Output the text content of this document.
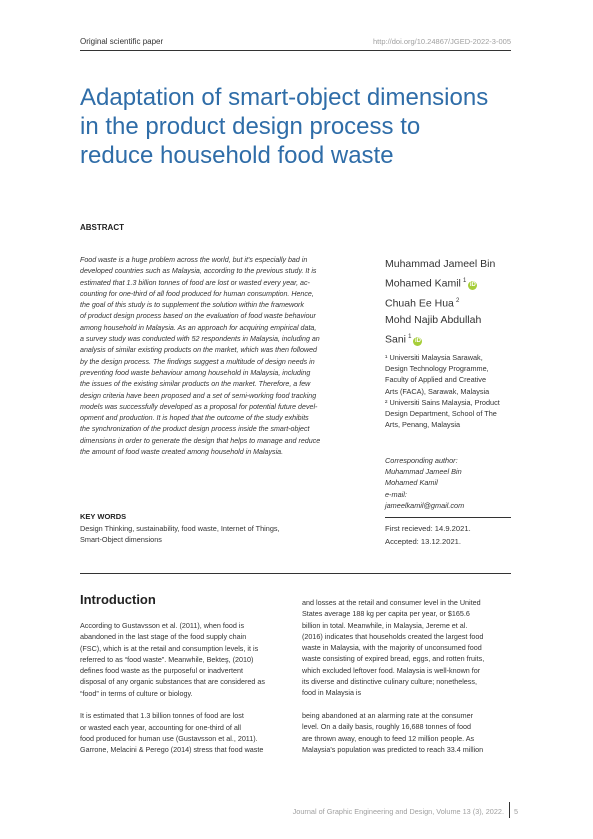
Original scientific paper	http://doi.org/10.24867/JGED-2022-3-005
Adaptation of smart-object dimensions
in the product design process to
reduce household food waste
ABSTRACT
Food waste is a huge problem across the world, but it's especially bad in
developed countries such as Malaysia, according to the previous study. It is
estimated that 1.3 billion tonnes of food are lost or wasted every year, ac-
counting for one-third of all food produced for human consumption. Hence,
the goal of this study is to supplement the solution within the framework
of product design process based on the evaluation of food waste behaviour
among household in Malaysia. As an approach for acquiring empirical data,
a survey study was conducted with 52 respondents in Malaysia, including an
analysis of similar existing products on the market, which was then followed
by the design process. The findings suggest a multitude of design needs in
preventing food waste behaviour among household in Malaysia, including
the issues of the existing similar products on the market. Therefore, a few
design criteria have been proposed and a set of semi-working food tracking
models was successfully developed as a proposal for potential future devel-
opment and production. It is hoped that the outcome of the study exhibits
the synchronization of the product design process inside the smart-object
dimensions in order to generate the design that helps to manage and reduce
the amount of food waste created among household in Malaysia.
Muhammad Jameel Bin
Mohamed Kamil  $^1$iD
Chuah Ee Hua  $^2$
Mohd Najib Abdullah
Sani  $^1$iD
¹ Universiti Malaysia Sarawak,
Design Technology Programme,
Faculty of Applied and Creative
Arts (FACA), Sarawak, Malaysia
² Universiti Sains Malaysia, Product
Design Department, School of The
Arts, Penang, Malaysia
Corresponding author:
Muhammad Jameel Bin
Mohamed Kamil
e-mail:
jameelkamil@gmail.com
KEY WORDS
Design Thinking, sustainability, food waste, Internet of Things,
Smart-Object dimensions
First recieved: 14.9.2021.
Accepted: 13.12.2021.
Introduction

According to Gustavsson et al. (2011), when food is
abandoned in the last stage of the food supply chain
(FSC), which is at the retail and consumption levels, it is
referred to as “food waste”. Meanwhile, Bekteş, (2010)
defines food waste as the purposeful or inadvertent
disposal of any organic substances that are considered as
“food” in terms of culture or biology.

It is estimated that 1.3 billion tonnes of food are lost
or wasted each year, accounting for one-third of all
food produced for human use (Gustavsson et al., 2011).
Garrone, Melacini & Perego (2014) stress that food waste

and losses at the retail and consumer level in the United
States average 188 kg per capita per year, or $165.6
billion in total. Meanwhile, in Malaysia, Jereme et al.
(2016) indicates that households created the largest food
waste in Malaysia, with the majority of unconsumed food
waste consisting of expired bread, eggs, and rotten fruits,
which excluded leftover food. Malaysia is well-known for
its diverse and distinctive culinary culture; nonetheless,
food in Malaysia is

being abandoned at an alarming rate at the consumer
level. On a daily basis, roughly 16,688 tonnes of food
are thrown away, enough to feed 12 million people. As
Malaysia's population was predicted to reach 33.4 million

Journal of Graphic Engineering and Design, Volume 13 (3), 2022. 5
